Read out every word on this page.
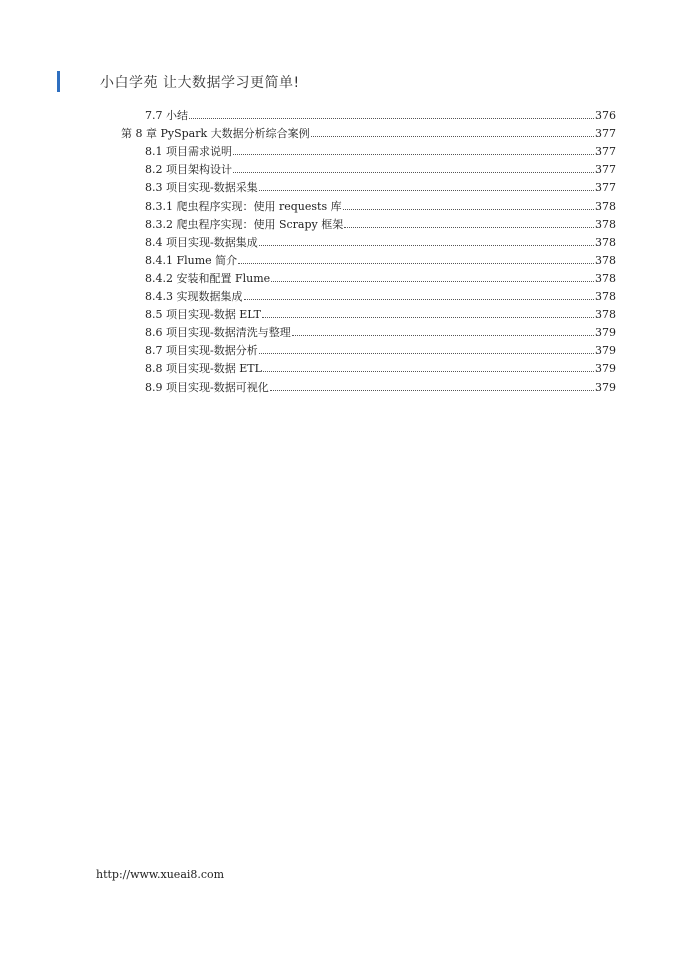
小白学苑 让大数据学习更简单!
7.7 小结	376
第 8 章 PySpark 大数据分析综合案例	377
8.1 项目需求说明	377
8.2 项目架构设计	377
8.3 项目实现-数据采集	377
8.3.1 爬虫程序实现：使用 requests 库	378
8.3.2 爬虫程序实现：使用 Scrapy 框架	378
8.4 项目实现-数据集成	378
8.4.1 Flume 简介	378
8.4.2 安装和配置 Flume	378
8.4.3 实现数据集成	378
8.5 项目实现-数据 ELT	378
8.6 项目实现-数据清洗与整理	379
8.7 项目实现-数据分析	379
8.8 项目实现-数据 ETL	379
8.9 项目实现-数据可视化	379
http://www.xueai8.com
